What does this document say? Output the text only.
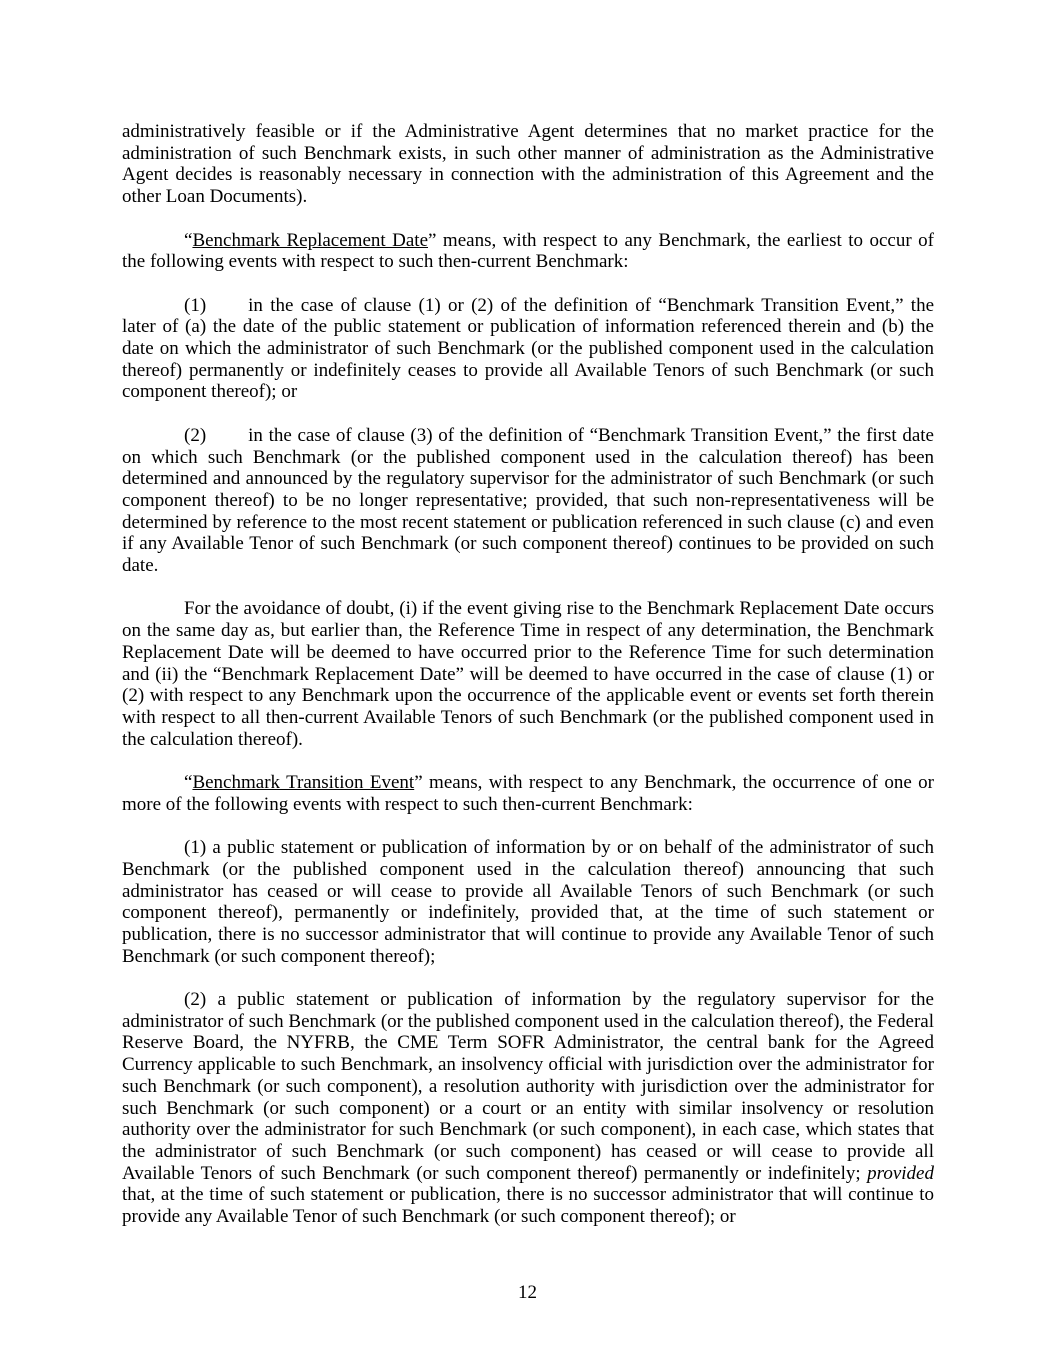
administratively feasible or if the Administrative Agent determines that no market practice for the administration of such Benchmark exists, in such other manner of administration as the Administrative Agent decides is reasonably necessary in connection with the administration of this Agreement and the other Loan Documents).

“Benchmark Replacement Date” means, with respect to any Benchmark, the earliest to occur of the following events with respect to such then-current Benchmark:

(1) in the case of clause (1) or (2) of the definition of “Benchmark Transition Event,” the later of (a) the date of the public statement or publication of information referenced therein and (b) the date on which the administrator of such Benchmark (or the published component used in the calculation thereof) permanently or indefinitely ceases to provide all Available Tenors of such Benchmark (or such component thereof); or

(2) in the case of clause (3) of the definition of “Benchmark Transition Event,” the first date on which such Benchmark (or the published component used in the calculation thereof) has been determined and announced by the regulatory supervisor for the administrator of such Benchmark (or such component thereof) to be no longer representative; provided, that such non-representativeness will be determined by reference to the most recent statement or publication referenced in such clause (c) and even if any Available Tenor of such Benchmark (or such component thereof) continues to be provided on such date.

For the avoidance of doubt, (i) if the event giving rise to the Benchmark Replacement Date occurs on the same day as, but earlier than, the Reference Time in respect of any determination, the Benchmark Replacement Date will be deemed to have occurred prior to the Reference Time for such determination and (ii) the “Benchmark Replacement Date” will be deemed to have occurred in the case of clause (1) or (2) with respect to any Benchmark upon the occurrence of the applicable event or events set forth therein with respect to all then-current Available Tenors of such Benchmark (or the published component used in the calculation thereof).

“Benchmark Transition Event” means, with respect to any Benchmark, the occurrence of one or more of the following events with respect to such then-current Benchmark:

(1) a public statement or publication of information by or on behalf of the administrator of such Benchmark (or the published component used in the calculation thereof) announcing that such administrator has ceased or will cease to provide all Available Tenors of such Benchmark (or such component thereof), permanently or indefinitely, provided that, at the time of such statement or publication, there is no successor administrator that will continue to provide any Available Tenor of such Benchmark (or such component thereof);

(2) a public statement or publication of information by the regulatory supervisor for the administrator of such Benchmark (or the published component used in the calculation thereof), the Federal Reserve Board, the NYFRB, the CME Term SOFR Administrator, the central bank for the Agreed Currency applicable to such Benchmark, an insolvency official with jurisdiction over the administrator for such Benchmark (or such component), a resolution authority with jurisdiction over the administrator for such Benchmark (or such component) or a court or an entity with similar insolvency or resolution authority over the administrator for such Benchmark (or such component), in each case, which states that the administrator of such Benchmark (or such component) has ceased or will cease to provide all Available Tenors of such Benchmark (or such component thereof) permanently or indefinitely; provided that, at the time of such statement or publication, there is no successor administrator that will continue to provide any Available Tenor of such Benchmark (or such component thereof); or

12
